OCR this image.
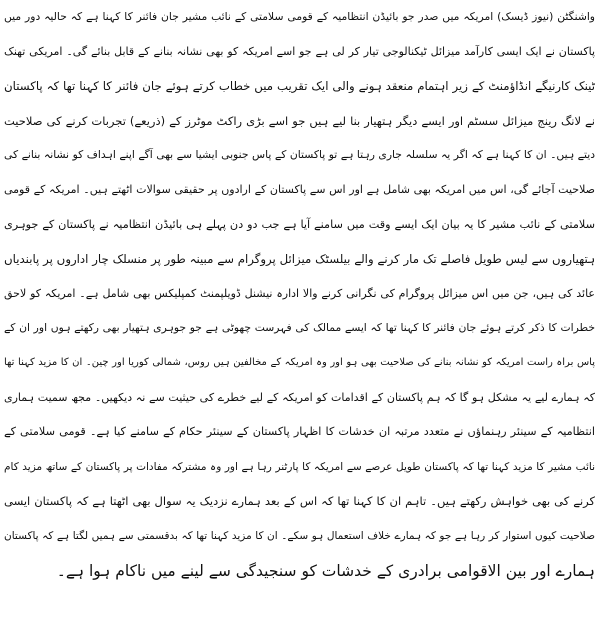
واشنگٹن (نیوز ڈیسک) امریکہ میں صدر جو بائیڈن انتظامیہ کے قومی سلامتی کے نائب مشیر جان فائنر کا کہنا ہے کہ حالیہ دور میں
پاکستان نے ایک ایسی کارآمد میزائل ٹیکنالوجی تیار کر لی ہے جو اسے امریکہ کو بھی نشانہ بنانے کے قابل بنائے گی۔ امریکی تھنک
ٹینک کارنیگے انڈاؤمنٹ کے زیر اہتمام منعقد ہونے والی ایک تقریب میں خطاب کرتے ہوئے جان فائنر کا کہنا تھا کہ پاکستان
نے لانگ رینج میزائل سسٹم اور ایسے دیگر ہتھیار بنا لیے ہیں جو اسے بڑی راکٹ موٹرز کے (ذریعے) تجربات کرنے کی صلاحیت
دیتے ہیں۔ ان کا کہنا ہے کہ اگر یہ سلسلہ جاری رہتا ہے تو پاکستان کے پاس جنوبی ایشیا سے بھی آگے اپنے اہداف کو نشانہ بنانے کی
صلاحیت آجائے گی، اس میں امریکہ بھی شامل ہے اور اس سے پاکستان کے ارادوں پر حقیقی سوالات اٹھتے ہیں۔ امریکہ کے قومی
سلامتی کے نائب مشیر کا یہ بیان ایک ایسے وقت میں سامنے آیا ہے جب دو دن پہلے ہی بائیڈن انتظامیہ نے پاکستان کے جوہری
ہتھیاروں سے لیس طویل فاصلے تک مار کرنے والے بیلسٹک میزائل پروگرام سے مبینہ طور پر منسلک چار اداروں پر پابندیاں
عائد کی ہیں، جن میں اس میزائل پروگرام کی نگرانی کرنے والا ادارہ نیشنل ڈویلپمنٹ کمپلیکس بھی شامل ہے۔ امریکہ کو لاحق
خطرات کا ذکر کرتے ہوئے جان فائنر کا کہنا تھا کہ ایسے ممالک کی فہرست چھوٹی ہے جو جوہری ہتھیار بھی رکھتے ہوں اور ان کے
پاس براہ راست امریکہ کو نشانہ بنانے کی صلاحیت بھی ہو اور وہ امریکہ کے مخالفین ہیں روس، شمالی کوریا اور چین۔ ان کا مزید کہنا تھا
کہ ہمارے لیے یہ مشکل ہو گا کہ ہم پاکستان کے اقدامات کو امریکہ کے لیے خطرے کی حیثیت سے نہ دیکھیں۔ مجھ سمیت ہماری
انتظامیہ کے سینئر رہنماؤں نے متعدد مرتبہ ان خدشات کا اظہار پاکستان کے سینئر حکام کے سامنے کیا ہے۔ قومی سلامتی کے
نائب مشیر کا مزید کہنا تھا کہ پاکستان طویل عرصے سے امریکہ کا پارٹنر رہا ہے اور وہ مشترکہ مفادات پر پاکستان کے ساتھ مزید کام
کرنے کی بھی خواہش رکھتے ہیں۔ تاہم ان کا کہنا تھا کہ اس کے بعد ہمارے نزدیک یہ سوال بھی اٹھتا ہے کہ پاکستان ایسی
صلاحیت کیوں استوار کر رہا ہے جو کہ ہمارے خلاف استعمال ہو سکے۔ ان کا مزید کہنا تھا کہ بدقسمتی سے ہمیں لگتا ہے کہ پاکستان
ہمارے اور بین الاقوامی برادری کے خدشات کو سنجیدگی سے لینے میں ناکام ہوا ہے۔
